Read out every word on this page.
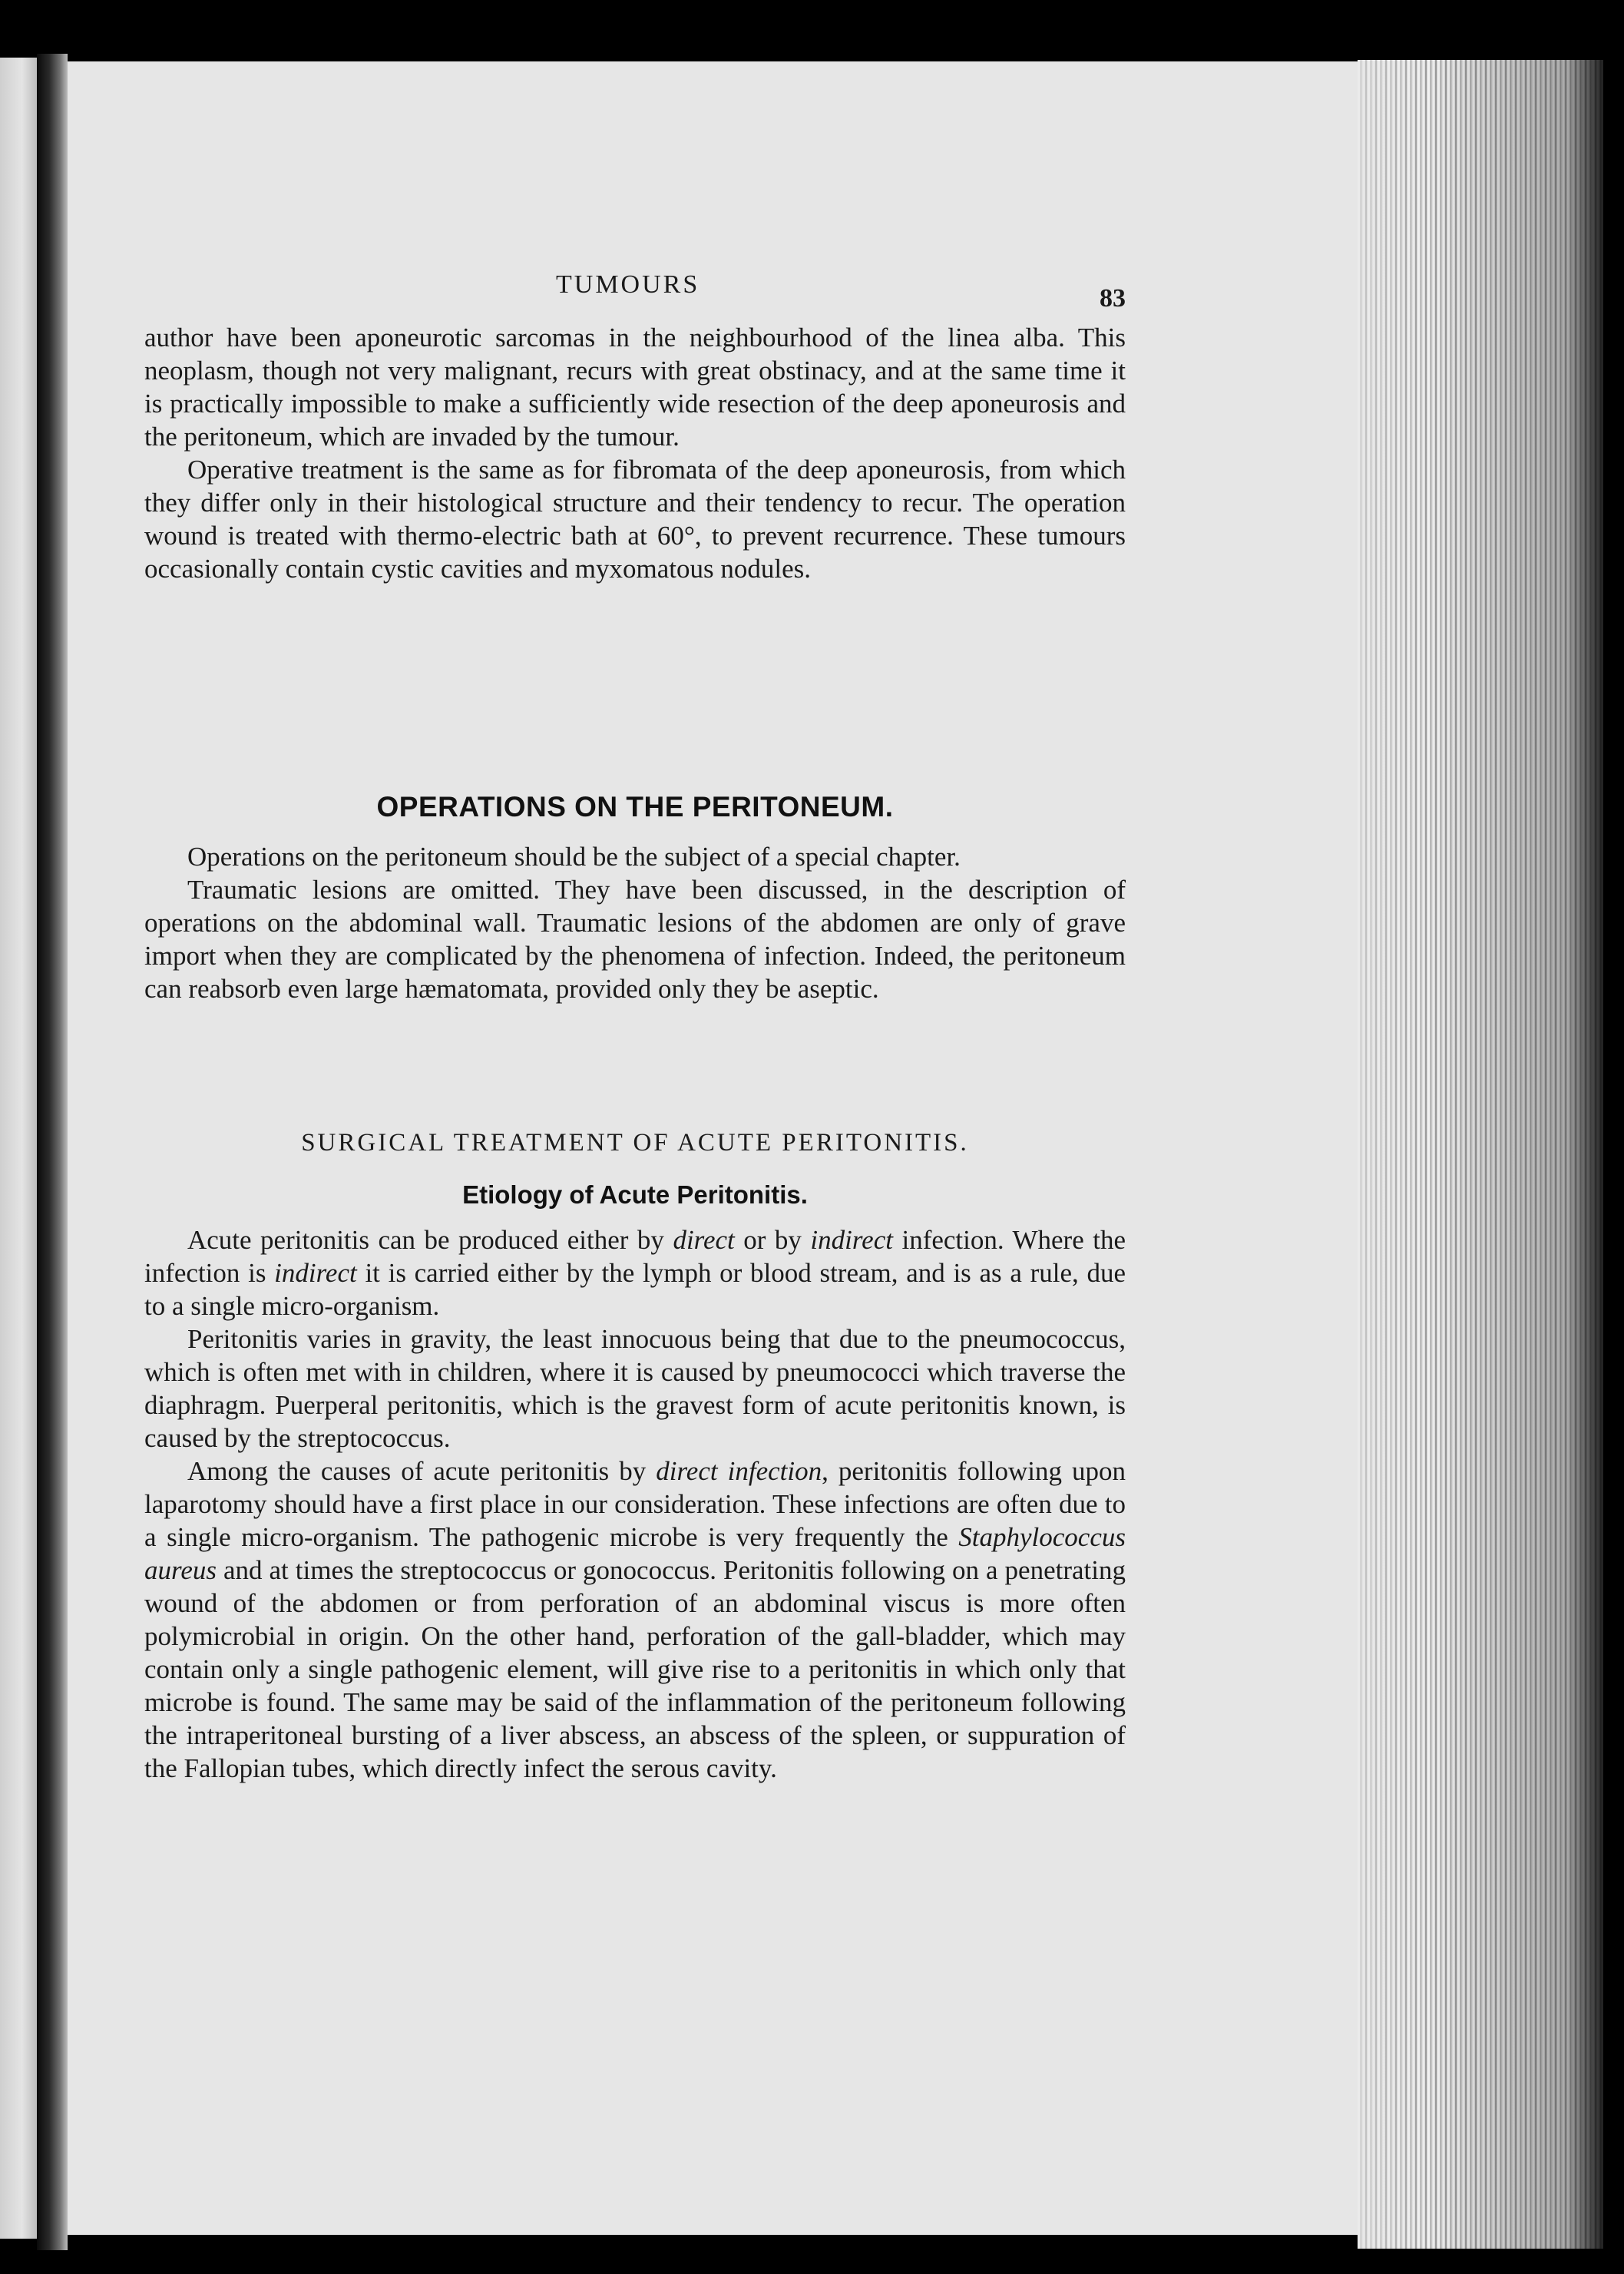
TUMOURS	83

author have been aponeurotic sarcomas in the neighbourhood of the linea alba. This neoplasm, though not very malignant, recurs with great obstinacy, and at the same time it is practically impossible to make a sufficiently wide resection of the deep aponeurosis and the peritoneum, which are invaded by the tumour.

Operative treatment is the same as for fibromata of the deep aponeurosis, from which they differ only in their histological structure and their tendency to recur. The operation wound is treated with thermo-electric bath at 60°, to prevent recurrence. These tumours occasionally contain cystic cavities and myxomatous nodules.

OPERATIONS ON THE PERITONEUM.

Operations on the peritoneum should be the subject of a special chapter.

Traumatic lesions are omitted. They have been discussed, in the description of operations on the abdominal wall. Traumatic lesions of the abdomen are only of grave import when they are complicated by the phenomena of infection. Indeed, the peritoneum can reabsorb even large hæmatomata, provided only they be aseptic.

SURGICAL TREATMENT OF ACUTE PERITONITIS.
Etiology of Acute Peritonitis.

Acute peritonitis can be produced either by direct or by indirect infection. Where the infection is indirect it is carried either by the lymph or blood stream, and is as a rule, due to a single micro-organism.

Peritonitis varies in gravity, the least innocuous being that due to the pneumococcus, which is often met with in children, where it is caused by pneumococci which traverse the diaphragm. Puerperal peritonitis, which is the gravest form of acute peritonitis known, is caused by the streptococcus.

Among the causes of acute peritonitis by direct infection, peritonitis following upon laparotomy should have a first place in our consideration. These infections are often due to a single micro-organism. The pathogenic microbe is very frequently the Staphylococcus aureus and at times the streptococcus or gonococcus. Peritonitis following on a penetrating wound of the abdomen or from perforation of an abdominal viscus is more often polymicrobial in origin. On the other hand, perforation of the gall-bladder, which may contain only a single pathogenic element, will give rise to a peritonitis in which only that microbe is found. The same may be said of the inflammation of the peritoneum following the intraperitoneal bursting of a liver abscess, an abscess of the spleen, or suppuration of the Fallopian tubes, which directly infect the serous cavity.
